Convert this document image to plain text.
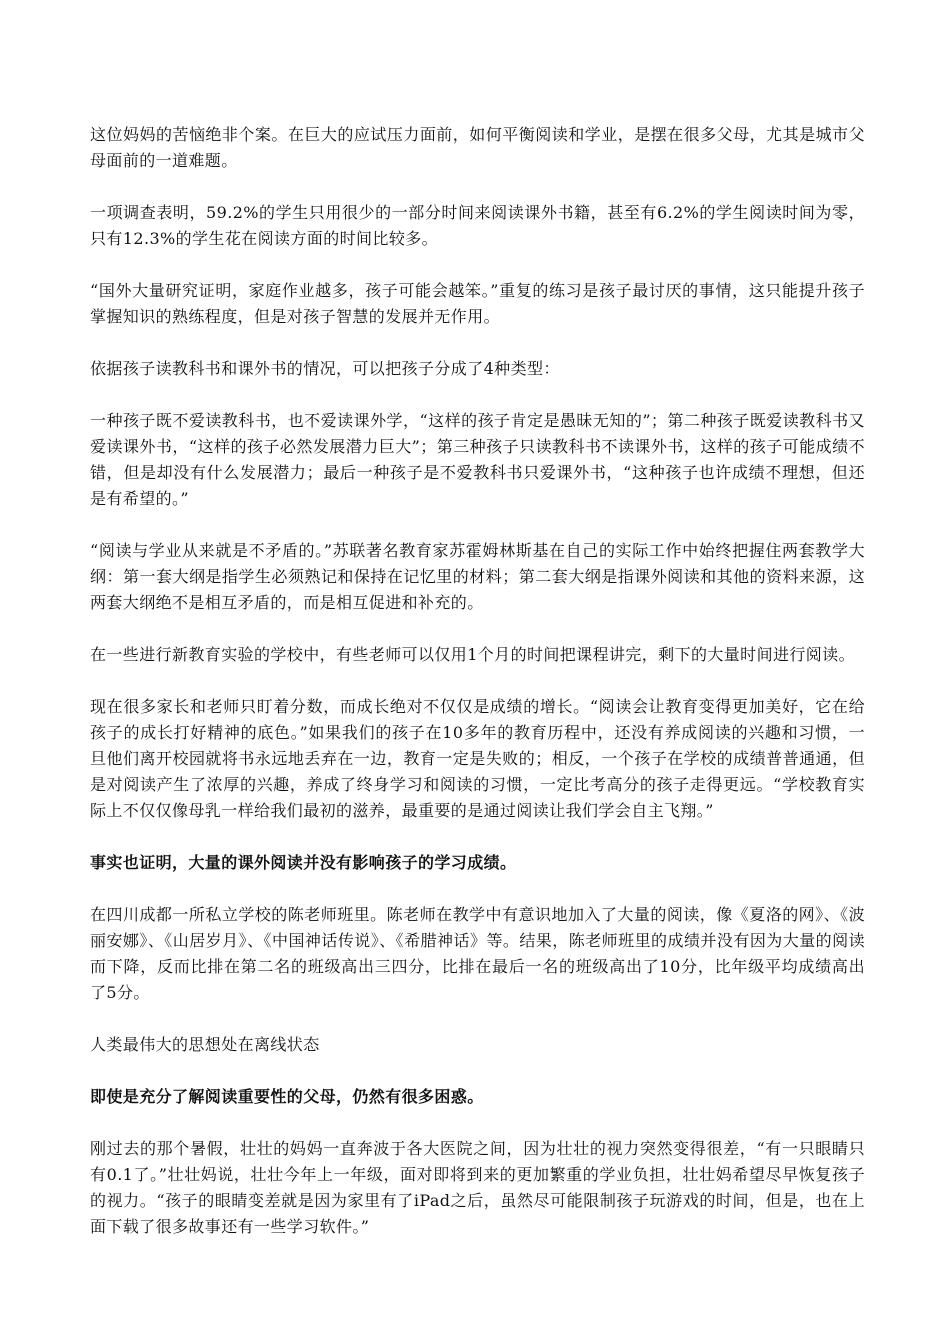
这位妈妈的苦恼绝非个案。在巨大的应试压力面前，如何平衡阅读和学业，是摆在很多父母，尤其是城市父母面前的一道难题。

一项调查表明，59.2%的学生只用很少的一部分时间来阅读课外书籍，甚至有6.2%的学生阅读时间为零，只有12.3%的学生花在阅读方面的时间比较多。

“国外大量研究证明，家庭作业越多，孩子可能会越笨。”重复的练习是孩子最讨厌的事情，这只能提升孩子掌握知识的熟练程度，但是对孩子智慧的发展并无作用。

依据孩子读教科书和课外书的情况，可以把孩子分成了4种类型：

一种孩子既不爱读教科书，也不爱读课外学，“这样的孩子肯定是愚昧无知的”；第二种孩子既爱读教科书又爱读课外书，“这样的孩子必然发展潜力巨大”；第三种孩子只读教科书不读课外书，这样的孩子可能成绩不错，但是却没有什么发展潜力；最后一种孩子是不爱教科书只爱课外书，“这种孩子也许成绩不理想，但还是有希望的。”

“阅读与学业从来就是不矛盾的。”苏联著名教育家苏霍姆林斯基在自己的实际工作中始终把握住两套教学大纲：第一套大纲是指学生必须熟记和保持在记忆里的材料；第二套大纲是指课外阅读和其他的资料来源，这两套大纲绝不是相互矛盾的，而是相互促进和补充的。

在一些进行新教育实验的学校中，有些老师可以仅用1个月的时间把课程讲完，剩下的大量时间进行阅读。

现在很多家长和老师只盯着分数，而成长绝对不仅仅是成绩的增长。“阅读会让教育变得更加美好，它在给孩子的成长打好精神的底色。”如果我们的孩子在10多年的教育历程中，还没有养成阅读的兴趣和习惯，一旦他们离开校园就将书永远地丢弃在一边，教育一定是失败的；相反，一个孩子在学校的成绩普普通通，但是对阅读产生了浓厚的兴趣，养成了终身学习和阅读的习惯，一定比考高分的孩子走得更远。“学校教育实际上不仅仅像母乳一样给我们最初的滋养，最重要的是通过阅读让我们学会自主飞翔。”

事实也证明，大量的课外阅读并没有影响孩子的学习成绩。

在四川成都一所私立学校的陈老师班里。陈老师在教学中有意识地加入了大量的阅读，像《夏洛的网》、《波丽安娜》、《山居岁月》、《中国神话传说》、《希腊神话》等。结果，陈老师班里的成绩并没有因为大量的阅读而下降，反而比排在第二名的班级高出三四分，比排在最后一名的班级高出了10分，比年级平均成绩高出了5分。

人类最伟大的思想处在离线状态

即使是充分了解阅读重要性的父母，仍然有很多困惑。

刚过去的那个暑假，壮壮的妈妈一直奔波于各大医院之间，因为壮壮的视力突然变得很差，“有一只眼睛只有0.1了。”壮壮妈说，壮壮今年上一年级，面对即将到来的更加繁重的学业负担，壮壮妈希望尽早恢复孩子的视力。“孩子的眼睛变差就是因为家里有了iPad之后，虽然尽可能限制孩子玩游戏的时间，但是，也在上面下载了很多故事还有一些学习软件。”
